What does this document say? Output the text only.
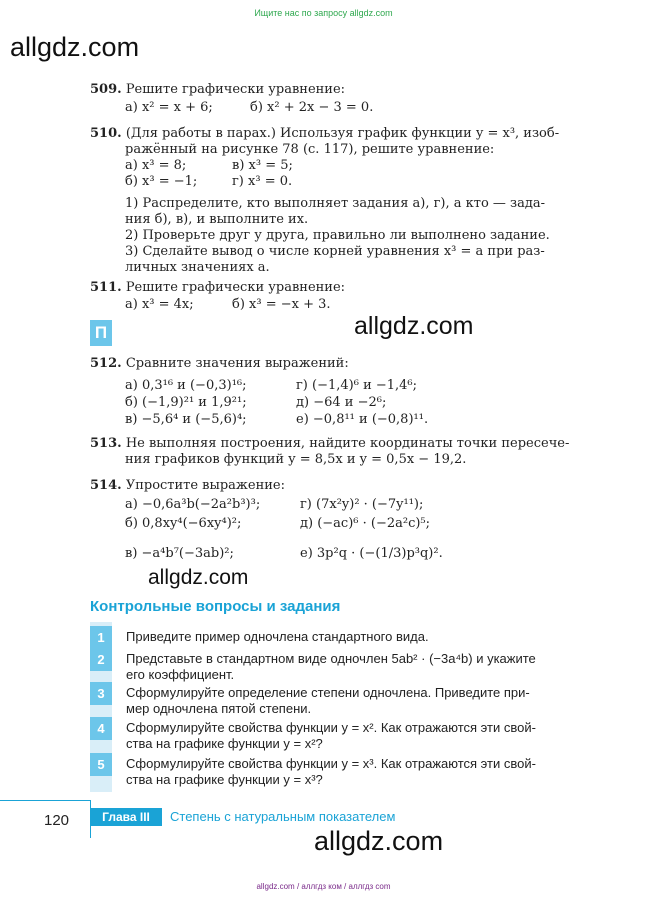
Ищите нас по запросу allgdz.com
allgdz.com
509. Решите графически уравнение:
а) x² = x + 6;	б) x² + 2x − 3 = 0.
510. (Для работы в парах.) Используя график функции y = x³, изоб-
ражённый на рисунке 78 (с. 117), решите уравнение:
а) x³ = 8;	в) x³ = 5;
б) x³ = −1;	г) x³ = 0.
1) Распределите, кто выполняет задания а), г), а кто — зада-
ния б), в), и выполните их.
2) Проверьте друг у друга, правильно ли выполнено задание.
3) Сделайте вывод о числе корней уравнения x³ = a при раз-
личных значениях a.
511. Решите графически уравнение:
а) x³ = 4x;	б) x³ = −x + 3.
П	allgdz.com
512. Сравните значения выражений:
а) 0,3¹⁶ и (−0,3)¹⁶;	г) (−1,4)⁶ и −1,4⁶;
б) (−1,9)²¹ и 1,9²¹;	д) −64 и −2⁶;
в) −5,6⁴ и (−5,6)⁴;	е) −0,8¹¹ и (−0,8)¹¹.
513. Не выполняя построения, найдите координаты точки пересече-
ния графиков функций y = 8,5x и y = 0,5x − 19,2.
514. Упростите выражение:
а) −0,6a³b(−2a²b³)³;	г) (7x²y)² · (−7y¹¹);
б) 0,8xy⁴(−6xy⁴)²;	д) (−ac)⁶ · (−2a²c)⁵;
в) −a⁴b⁷(−3ab)²;	е) 3p²q · (−(1/3)p³q)².
allgdz.com
Контрольные вопросы и задания
1	Приведите пример одночлена стандартного вида.
2	Представьте в стандартном виде одночлен 5ab² · (−3a⁴b) и укажите
его коэффициент.
3	Сформулируйте определение степени одночлена. Приведите при-
мер одночлена пятой степени.
4	Сформулируйте свойства функции y = x². Как отражаются эти свой-
ства на графике функции y = x²?
5	Сформулируйте свойства функции y = x³. Как отражаются эти свой-
ства на графике функции y = x³?
120	Глава III	Степень с натуральным показателем
allgdz.com
allgdz.com / аллгдз ком / аллгдз com
